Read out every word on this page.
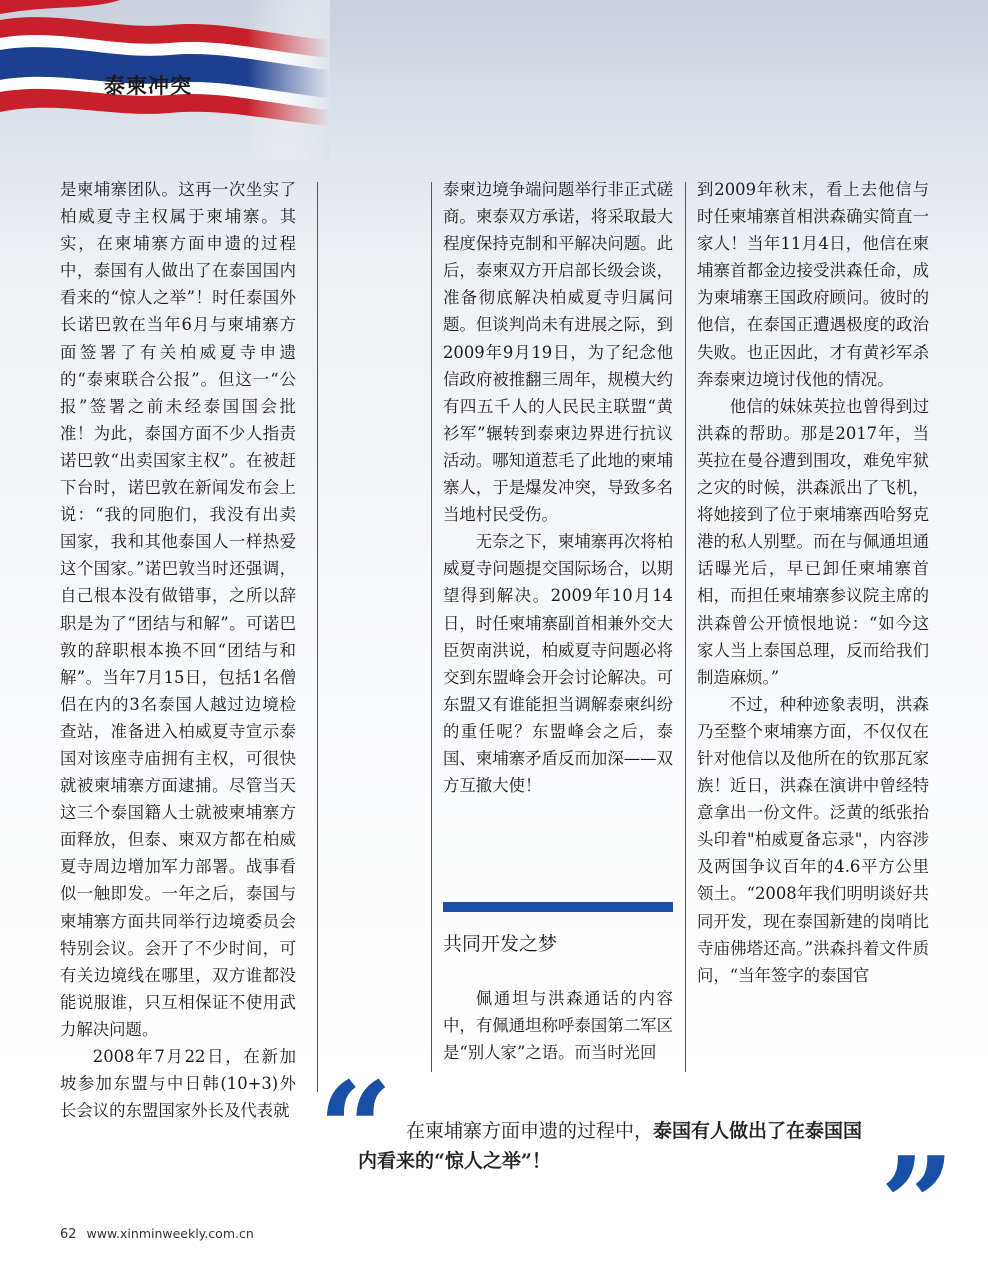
泰柬冲突

是柬埔寨团队。这再一次坐实了柏威夏寺主权属于柬埔寨。其实，在柬埔寨方面申遗的过程中，泰国有人做出了在泰国国内看来的“惊人之举”！时任泰国外长诺巴敦在当年6月与柬埔寨方面签署了有关柏威夏寺申遗的“泰柬联合公报”。但这一“公报”签署之前未经泰国国会批准！为此，泰国方面不少人指责诺巴敦“出卖国家主权”。在被赶下台时，诺巴敦在新闻发布会上说：“我的同胞们，我没有出卖国家，我和其他泰国人一样热爱这个国家。”诺巴敦当时还强调，自己根本没有做错事，之所以辞职是为了“团结与和解”。可诺巴敦的辞职根本换不回“团结与和解”。当年7月15日，包括1名僧侣在内的3名泰国人越过边境检查站，准备进入柏威夏寺宣示泰国对该座寺庙拥有主权，可很快就被柬埔寨方面逮捕。尽管当天这三个泰国籍人士就被柬埔寨方面释放，但泰、柬双方都在柏威夏寺周边增加军力部署。战事看似一触即发。一年之后，泰国与柬埔寨方面共同举行边境委员会特别会议。会开了不少时间，可有关边境线在哪里，双方谁都没能说服谁，只互相保证不使用武力解决问题。

2008年7月22日，在新加坡参加东盟与中日韩(10+3)外长会议的东盟国家外长及代表就

泰柬边境争端问题举行非正式磋商。柬泰双方承诺，将采取最大程度保持克制和平解决问题。此后，泰柬双方开启部长级会谈，准备彻底解决柏威夏寺归属问题。但谈判尚未有进展之际，到2009年9月19日，为了纪念他信政府被推翻三周年，规模大约有四五千人的人民民主联盟“黄衫军”辗转到泰柬边界进行抗议活动。哪知道惹毛了此地的柬埔寨人，于是爆发冲突，导致多名当地村民受伤。

无奈之下，柬埔寨再次将柏威夏寺问题提交国际场合，以期望得到解决。2009年10月14日，时任柬埔寨副首相兼外交大臣贺南洪说，柏威夏寺问题必将交到东盟峰会开会讨论解决。可东盟又有谁能担当调解泰柬纠纷的重任呢？东盟峰会之后，泰国、柬埔寨矛盾反而加深——双方互撤大使！

共同开发之梦

佩通坦与洪森通话的内容中，有佩通坦称呼泰国第二军区是“别人家”之语。而当时光回

到2009年秋末，看上去他信与时任柬埔寨首相洪森确实简直一家人！当年11月4日，他信在柬埔寨首都金边接受洪森任命，成为柬埔寨王国政府顾问。彼时的他信，在泰国正遭遇极度的政治失败。也正因此，才有黄衫军杀奔泰柬边境讨伐他的情况。

他信的妹妹英拉也曾得到过洪森的帮助。那是2017年，当英拉在曼谷遭到围攻，难免牢狱之灾的时候，洪森派出了飞机，将她接到了位于柬埔寨西哈努克港的私人别墅。而在与佩通坦通话曝光后，早已卸任柬埔寨首相，而担任柬埔寨参议院主席的洪森曾公开愤恨地说：“如今这家人当上泰国总理，反而给我们制造麻烦。”

不过，种种迹象表明，洪森乃至整个柬埔寨方面，不仅仅在针对他信以及他所在的钦那瓦家族！近日，洪森在演讲中曾经特意拿出一份文件。泛黄的纸张抬头印着"柏威夏备忘录"，内容涉及两国争议百年的4.6平方公里领土。“2008年我们明明谈好共同开发，现在泰国新建的岗哨比寺庙佛塔还高。”洪森抖着文件质问，“当年签字的泰国官

“ 在柬埔寨方面申遗的过程中，泰国有人做出了在泰国国内看来的“惊人之举”！	”
62 www.xinminweekly.com.cn
